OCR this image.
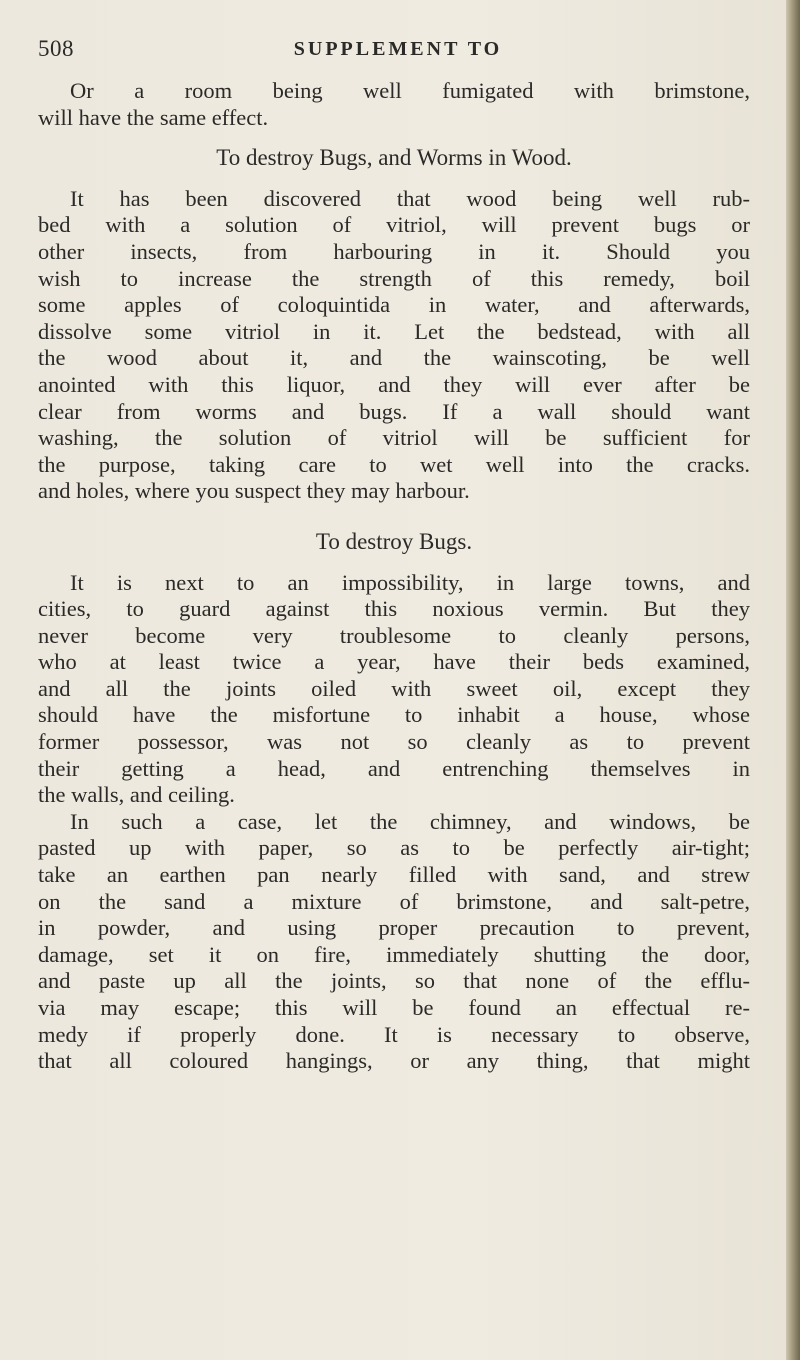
508	SUPPLEMENT TO
Or a room being well fumigated with brimstone,
will have the same effect.
To destroy Bugs, and Worms in Wood.
It has been discovered that wood being well rub-
bed with a solution of vitriol, will prevent bugs or
other insects, from harbouring in it. Should you
wish to increase the strength of this remedy, boil
some apples of coloquintida in water, and afterwards,
dissolve some vitriol in it. Let the bedstead, with all
the wood about it, and the wainscoting, be well
anointed with this liquor, and they will ever after be
clear from worms and bugs. If a wall should want
washing, the solution of vitriol will be sufficient for
the purpose, taking care to wet well into the cracks.
and holes, where you suspect they may harbour.
To destroy Bugs.
It is next to an impossibility, in large towns, and
cities, to guard against this noxious vermin. But they
never become very troublesome to cleanly persons,
who at least twice a year, have their beds examined,
and all the joints oiled with sweet oil, except they
should have the misfortune to inhabit a house, whose
former possessor, was not so cleanly as to prevent
their getting a head, and entrenching themselves in
the walls, and ceiling.
In such a case, let the chimney, and windows, be
pasted up with paper, so as to be perfectly air-tight;
take an earthen pan nearly filled with sand, and strew
on the sand a mixture of brimstone, and salt-petre,
in powder, and using proper precaution to prevent,
damage, set it on fire, immediately shutting the door,
and paste up all the joints, so that none of the efflu-
via may escape; this will be found an effectual re-
medy if properly done. It is necessary to observe,
that all coloured hangings, or any thing, that might
